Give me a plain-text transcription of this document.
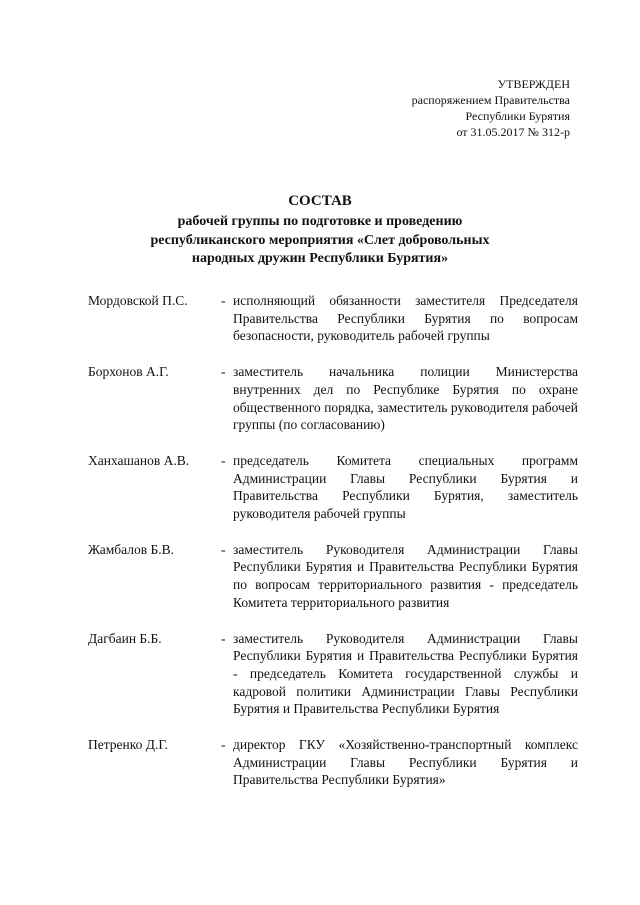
УТВЕРЖДЕН
распоряжением Правительства
Республики Бурятия
от 31.05.2017 № 312-р
СОСТАВ
рабочей группы по подготовке и проведению
республиканского мероприятия «Слет добровольных
народных дружин Республики Бурятия»
Мордовской П.С.	- исполняющий обязанности заместителя Председателя Правительства Республики Бурятия по вопросам безопасности, руководитель рабочей группы
Борхонов А.Г.	- заместитель начальника полиции Министерства внутренних дел по Республике Бурятия по охране общественного порядка, заместитель руководителя рабочей группы (по согласованию)
Ханхашанов А.В.	- председатель Комитета специальных программ Администрации Главы Республики Бурятия и Правительства Республики Бурятия, заместитель руководителя рабочей группы
Жамбалов Б.В.	- заместитель Руководителя Администрации Главы Республики Бурятия и Правительства Республики Бурятия по вопросам территориального развития - председатель Комитета территориального развития
Дагбаин Б.Б.	- заместитель Руководителя Администрации Главы Республики Бурятия и Правительства Республики Бурятия - председатель Комитета государственной службы и кадровой политики Администрации Главы Республики Бурятия и Правительства Республики Бурятия
Петренко Д.Г.	- директор ГКУ «Хозяйственно-транспортный комплекс Администрации Главы Республики Бурятия и Правительства Республики Бурятия»
